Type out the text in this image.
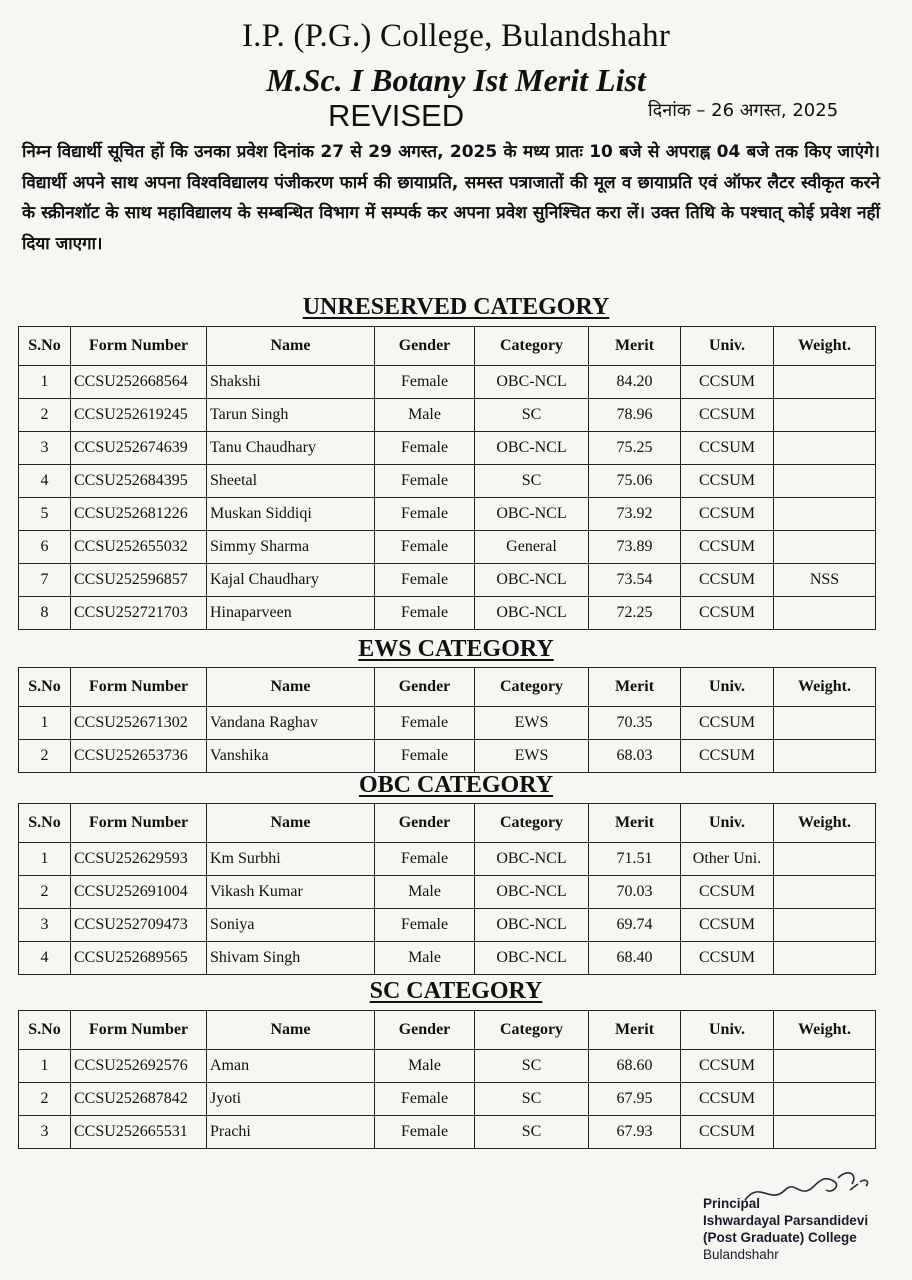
I.P. (P.G.) College, Bulandshahr
M.Sc. I Botany Ist Merit List
REVISED	दिनांक – 26 अगस्त, 2025
निम्न विद्यार्थी सूचित हों कि उनका प्रवेश दिनांक 27 से 29 अगस्त, 2025 के मध्य प्रातः 10 बजे से अपराह्न 04 बजे तक किए जाएंगे। विद्यार्थी अपने साथ अपना विश्वविद्यालय पंजीकरण फार्म की छायाप्रति, समस्त पत्राजातों की मूल व छायाप्रति एवं ऑफर लैटर स्वीकृत करने के स्क्रीनशॉट के साथ महाविद्यालय के सम्बन्धित विभाग में सम्पर्क कर अपना प्रवेश सुनिश्चित करा लें। उक्त तिथि के पश्चात् कोई प्रवेश नहीं दिया जाएगा।
UNRESERVED CATEGORY
S.No	Form Number	Name	Gender	Category	Merit	Univ.	Weight.
1	CCSU252668564	Shakshi	Female	OBC-NCL	84.20	CCSUM	
2	CCSU252619245	Tarun Singh	Male	SC	78.96	CCSUM	
3	CCSU252674639	Tanu Chaudhary	Female	OBC-NCL	75.25	CCSUM	
4	CCSU252684395	Sheetal	Female	SC	75.06	CCSUM	
5	CCSU252681226	Muskan Siddiqi	Female	OBC-NCL	73.92	CCSUM	
6	CCSU252655032	Simmy Sharma	Female	General	73.89	CCSUM	
7	CCSU252596857	Kajal Chaudhary	Female	OBC-NCL	73.54	CCSUM	NSS
8	CCSU252721703	Hinaparveen	Female	OBC-NCL	72.25	CCSUM	
EWS CATEGORY
S.No	Form Number	Name	Gender	Category	Merit	Univ.	Weight.
1	CCSU252671302	Vandana Raghav	Female	EWS	70.35	CCSUM	
2	CCSU252653736	Vanshika	Female	EWS	68.03	CCSUM	
OBC CATEGORY
S.No	Form Number	Name	Gender	Category	Merit	Univ.	Weight.
1	CCSU252629593	Km Surbhi	Female	OBC-NCL	71.51	Other Uni.	
2	CCSU252691004	Vikash Kumar	Male	OBC-NCL	70.03	CCSUM	
3	CCSU252709473	Soniya	Female	OBC-NCL	69.74	CCSUM	
4	CCSU252689565	Shivam Singh	Male	OBC-NCL	68.40	CCSUM	
SC CATEGORY
S.No	Form Number	Name	Gender	Category	Merit	Univ.	Weight.
1	CCSU252692576	Aman	Male	SC	68.60	CCSUM	
2	CCSU252687842	Jyoti	Female	SC	67.95	CCSUM	
3	CCSU252665531	Prachi	Female	SC	67.93	CCSUM	
Principal
Ishwardayal Parsandidevi
(Post Graduate) College
Bulandshahr
